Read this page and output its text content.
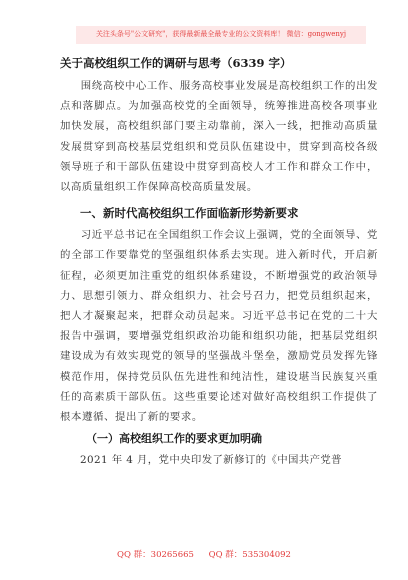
关注头条号"公文研究"，获得最新最全最专业的公文资料库！ 微信：gongwenyj
关于高校组织工作的调研与思考（6339 字）

围绕高校中心工作、服务高校事业发展是高校组织工作的出发点和落脚点。为加强高校党的全面领导，统筹推进高校各项事业加快发展，高校组织部门要主动靠前，深入一线，把推动高质量发展贯穿到高校基层党组织和党员队伍建设中，贯穿到高校各级领导班子和干部队伍建设中贯穿到高校人才工作和群众工作中，以高质量组织工作保障高校高质量发展。

一、新时代高校组织工作面临新形势新要求

习近平总书记在全国组织工作会议上强调，党的全面领导、党的全部工作要靠党的坚强组织体系去实现。进入新时代，开启新征程，必须更加注重党的组织体系建设，不断增强党的政治领导力、思想引领力、群众组织力、社会号召力，把党员组织起来，把人才凝聚起来，把群众动员起来。习近平总书记在党的二十大报告中强调，要增强党组织政治功能和组织功能，把基层党组织建设成为有效实现党的领导的坚强战斗堡垒，激励党员发挥先锋模范作用，保持党员队伍先进性和纯洁性，建设堪当民族复兴重任的高素质干部队伍。这些重要论述对做好高校组织工作提供了根本遵循、提出了新的要求。

（一）高校组织工作的要求更加明确

2021 年 4 月，党中央印发了新修订的《中国共产党普

QQ 群：30265665 QQ 群：535304092
